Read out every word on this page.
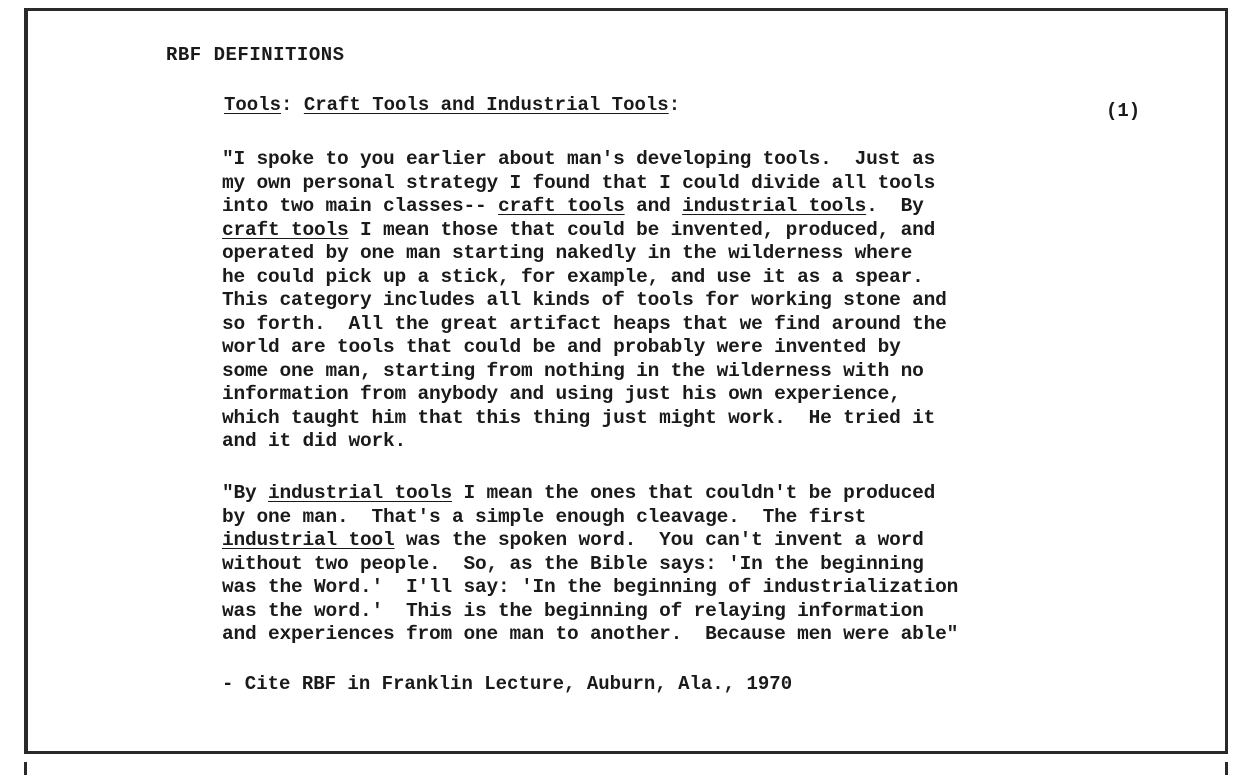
RBF DEFINITIONS
Tools: Craft Tools and Industrial Tools:	(1)
"I spoke to you earlier about man's developing tools.  Just as
my own personal strategy I found that I could divide all tools
into two main classes-- craft tools and industrial tools.  By
craft tools I mean those that could be invented, produced, and
operated by one man starting nakedly in the wilderness where
he could pick up a stick, for example, and use it as a spear.
This category includes all kinds of tools for working stone and
so forth.  All the great artifact heaps that we find around the
world are tools that could be and probably were invented by
some one man, starting from nothing in the wilderness with no
information from anybody and using just his own experience,
which taught him that this thing just might work.  He tried it
and it did work.
"By industrial tools I mean the ones that couldn't be produced
by one man.  That's a simple enough cleavage.  The first
industrial tool was the spoken word.  You can't invent a word
without two people.  So, as the Bible says: 'In the beginning
was the Word.'  I'll say: 'In the beginning of industrialization
was the word.'  This is the beginning of relaying information
and experiences from one man to another.  Because men were able"
- Cite RBF in Franklin Lecture, Auburn, Ala., 1970
